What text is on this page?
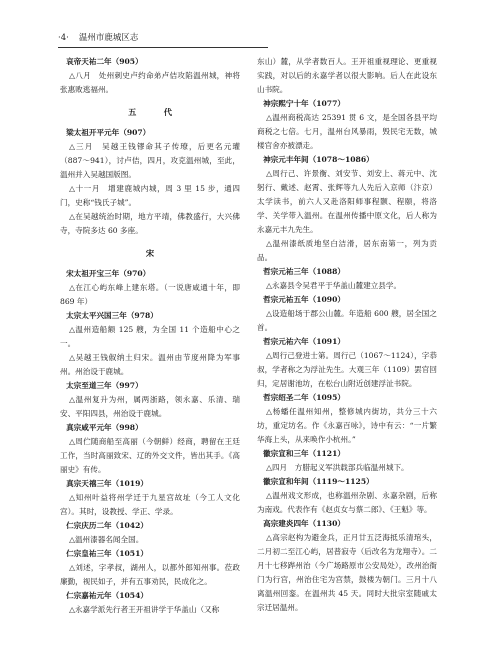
·4· 温州市鹿城区志

哀帝天祐二年（905）

△八月　处州刺史卢约命弟卢佶攻陷温州城，神将张惠败逃福州。

五 代

梁太祖开平元年（907）

△三月　吴越王钱镠命其子传璙，后更名元瓘（887～941），讨卢佶，四月，攻克温州城，至此，温州并入吴越国版图。

△十一月　增建鹿城内城，周 3 里 15 步，通四门，史称“钱氏子城”。

△在吴越统治时期，地方平靖，佛教盛行，大兴佛寺，寺院多达 60 多座。

宋

宋太祖开宝三年（970）

△在江心屿东峰上建东塔。（一说唐咸通十年，即 869 年）

太宗太平兴国三年（978）

△温州造船额 125 艘，为全国 11 个造船中心之一。

△吴越王钱俶纳土归宋。温州由节度州降为军事州。州治设于鹿城。

太宗至道三年（997）

△温州复升为州，属两浙路，领永嘉、乐清、瑞安、平阳四县，州治设于鹿城。

真宗咸平元年（998）

△周伫随商船至高丽（今朝鲜）经商，聘留在王廷工作，当时高丽致宋、辽的外交文件，皆出其手。《高丽史》有传。

真宗天禧三年（1019）

△知州叶益将州学迁于九星宫故址（今工人文化宫）。其时，设教授、学正、学录。

仁宗庆历二年（1042）

△温州漆器名闻全国。

仁宗皇祐三年（1051）

△刘述，字孝叔，湖州人，以都外郎知州事。莅政廉勤，视民如子，并有五事劝民，民成化之。

仁宗嘉祐元年（1054）

△永嘉学派先行者王开祖讲学于华盖山（又称

东山）麓，从学者数百人。王开祖重视理论、更重视实践，对以后的永嘉学者以很大影响。后人在此设东山书院。

神宗熙宁十年（1077）

△温州商税高达 25391 贯 6 文，是全国各县平均商税之七倍。七月，温州台风暴雨，毁民宅无数，城楼官舍亦被漂走。

神宗元丰年间（1078～1086）

△周行己、许景衡、刘安节、刘安上、蒋元中、沈躬行、戴述、赵霄、张辉等九人先后入京师（汴京）太学读书，前六人又赴洛阳师事程颢、程颐，将洛学、关学带入温州。在温州传播中原文化，后人称为永嘉元丰九先生。

△温州漆纸质地坚白洁滑，居东南第一，列为贡品。

哲宗元祐三年（1088）

△永嘉县令吴君平于华盖山麓建立县学。

哲宗元祐五年（1090）

△设造船场于郡公山麓。年造船 600 艘，居全国之首。

哲宗元祐六年（1091）

△周行己登进士第。周行己（1067～1124），字恭叔，学者称之为浮沚先生。大观三年（1109）罢官回归，定居谢池坊，在松台山附近创建浮沚书院。

哲宗绍圣二年（1095）

△杨蟠任温州知州，整修城内街坊，共分三十六坊，重定坊名。作《永嘉百咏》，诗中有云：“一片繁华海上头，从来唤作小杭州。”

徽宗宣和三年（1121）

△四月　方腊起义军洪载部兵临温州城下。

徽宗宣和年间（1119～1125）

△温州戏文形成，也称温州杂剧、永嘉杂剧，后称为南戏。代表作有《赵贞女与蔡二郎》、《王魁》等。

高宗建炎四年（1130）

△高宗赵构为避金兵，正月廿五泛海抵乐清琯头，二月初二至江心屿，居普寂寺（后改名为龙翔寺）。二月十七移跸州治（今广场路原市公安局处），改州治衙门为行宫，州治住宅为宫禁，鼓楼为朝门。三月十八离温州回銮。在温州共 45 天。同时大批宗室随戚太宗迁居温州。
